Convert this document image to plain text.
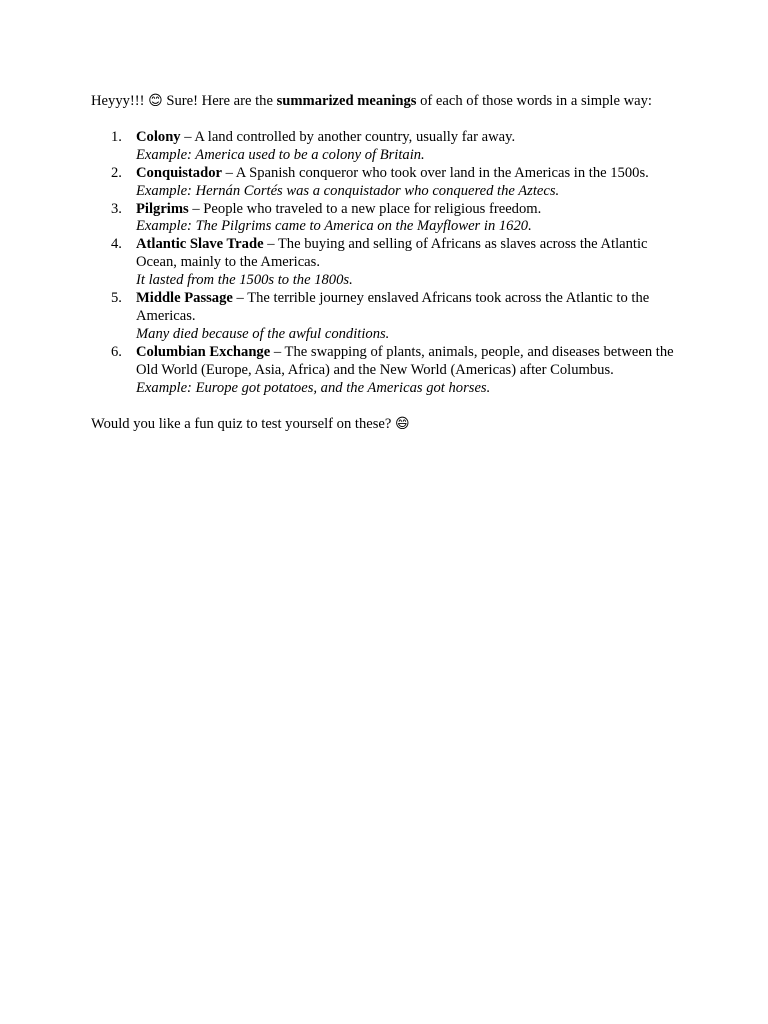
Heyyy!!! 😊 Sure! Here are the summarized meanings of each of those words in a simple way:

1. Colony – A land controlled by another country, usually far away.
Example: America used to be a colony of Britain.
2. Conquistador – A Spanish conqueror who took over land in the Americas in the 1500s.
Example: Hernán Cortés was a conquistador who conquered the Aztecs.
3. Pilgrims – People who traveled to a new place for religious freedom.
Example: The Pilgrims came to America on the Mayflower in 1620.
4. Atlantic Slave Trade – The buying and selling of Africans as slaves across the Atlantic Ocean, mainly to the Americas.
It lasted from the 1500s to the 1800s.
5. Middle Passage – The terrible journey enslaved Africans took across the Atlantic to the Americas.
Many died because of the awful conditions.
6. Columbian Exchange – The swapping of plants, animals, people, and diseases between the Old World (Europe, Asia, Africa) and the New World (Americas) after Columbus.
Example: Europe got potatoes, and the Americas got horses.

Would you like a fun quiz to test yourself on these? 😄
